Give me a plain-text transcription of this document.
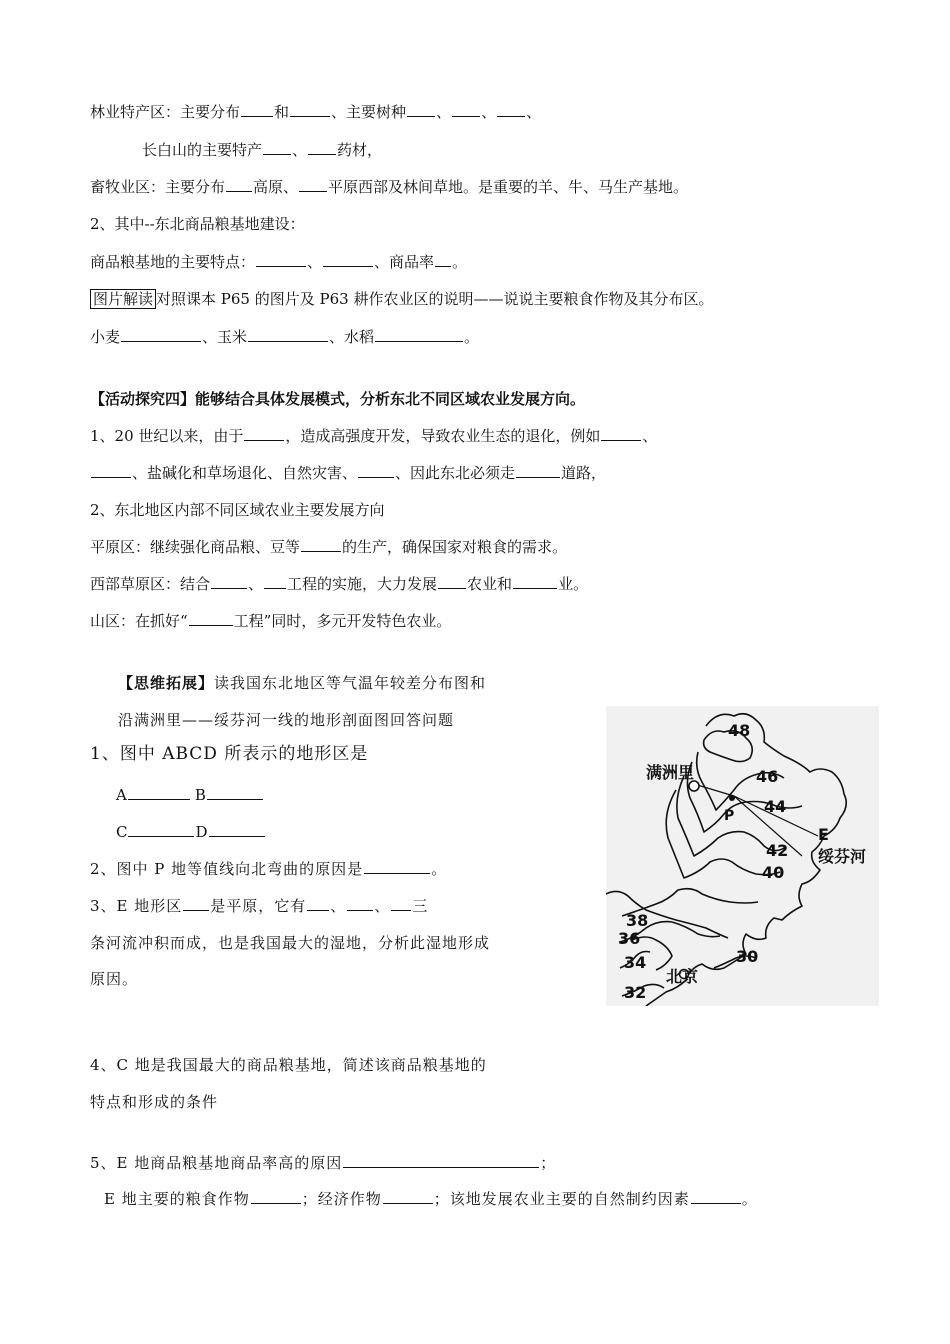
林业特产区：主要分布 和	、主要树种 、 、 、
长白山的主要特产 、 药材，
畜牧业区：主要分布 高原、 平原西部及林间草地。是重要的羊、牛、马生产基地。
2、其中--东北商品粮基地建设：
商品粮基地的主要特点：	、	、商品率 。
图片解读 对照课本 P65 的图片及 P63 耕作农业区的说明——说说主要粮食作物及其分布区。
小麦	、玉米	、水稻	。
【活动探究四】能够结合具体发展模式，分析东北不同区域农业发展方向。
1、20 世纪以来，由于	，造成高强度开发，导致农业生态的退化，例如	、
、盐碱化和草场退化、自然灾害、	、因此东北必须走	道路，
2、东北地区内部不同区域农业主要发展方向
平原区：继续强化商品粮、豆等	的生产，确保国家对粮食的需求。
西部草原区：结合	、 工程的实施，大力发展 农业和	业。
山区：在抓好“	工程”同时，多元开发特色农业。
【思维拓展】读我国东北地区等气温年较差分布图和
沿满洲里——绥芬河一线的地形剖面图回答问题
1、图中 ABCD 所表示的地形区是
A	B
C	D
2、图中 P 地等值线向北弯曲的原因是	。
3、E 地形区 是平原，它有 、 、 三
条河流冲积而成，也是我国最大的湿地，分析此湿地形成
原因。
4、C 地是我国最大的商品粮基地，简述该商品粮基地的
特点和形成的条件
5、E 地商品粮基地商品率高的原因	；
E 地主要的粮食作物	；经济作物	；该地发展农业主要的自然制约因素	。
48
46
44
42
40
38
36
34
32
30
满洲里
P
E
绥芬河
北京
